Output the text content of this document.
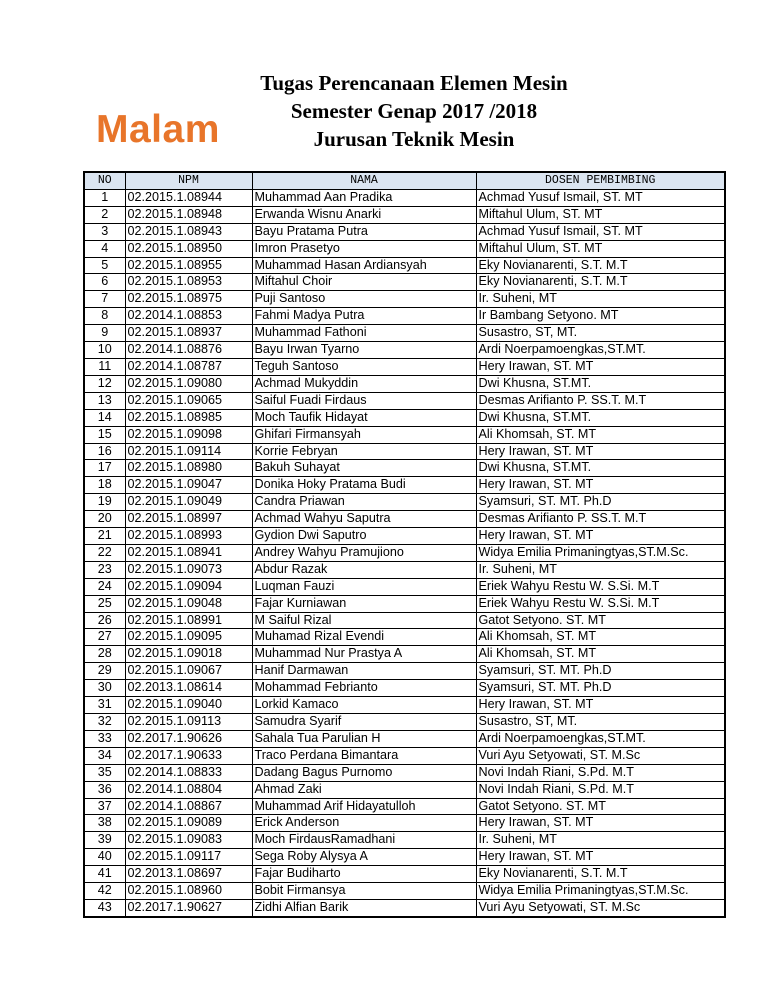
Malam
Tugas Perencanaan Elemen Mesin
Semester Genap 2017 /2018
Jurusan Teknik Mesin
NO	NPM	NAMA	DOSEN PEMBIMBING
1	02.2015.1.08944	Muhammad Aan Pradika	Achmad Yusuf Ismail, ST. MT
2	02.2015.1.08948	Erwanda Wisnu Anarki	Miftahul Ulum, ST. MT
3	02.2015.1.08943	Bayu Pratama Putra	Achmad Yusuf Ismail, ST. MT
4	02.2015.1.08950	Imron Prasetyo	Miftahul Ulum, ST. MT
5	02.2015.1.08955	Muhammad Hasan Ardiansyah	Eky Novianarenti, S.T. M.T
6	02.2015.1.08953	Miftahul Choir	Eky Novianarenti, S.T. M.T
7	02.2015.1.08975	Puji Santoso	Ir. Suheni, MT
8	02.2014.1.08853	Fahmi Madya Putra	Ir Bambang Setyono. MT
9	02.2015.1.08937	Muhammad Fathoni	Susastro, ST, MT.
10	02.2014.1.08876	Bayu Irwan Tyarno	Ardi Noerpamoengkas,ST.MT.
11	02.2014.1.08787	Teguh Santoso	Hery Irawan, ST. MT
12	02.2015.1.09080	Achmad Mukyddin	Dwi Khusna, ST.MT.
13	02.2015.1.09065	Saiful Fuadi Firdaus	Desmas Arifianto P. SS.T. M.T
14	02.2015.1.08985	Moch Taufik Hidayat	Dwi Khusna, ST.MT.
15	02.2015.1.09098	Ghifari Firmansyah	Ali Khomsah, ST. MT
16	02.2015.1.09114	Korrie Febryan	Hery Irawan, ST. MT
17	02.2015.1.08980	Bakuh Suhayat	Dwi Khusna, ST.MT.
18	02.2015.1.09047	Donika Hoky Pratama Budi	Hery Irawan, ST. MT
19	02.2015.1.09049	Candra Priawan	Syamsuri, ST. MT. Ph.D
20	02.2015.1.08997	Achmad Wahyu Saputra	Desmas Arifianto P. SS.T. M.T
21	02.2015.1.08993	Gydion Dwi Saputro	Hery Irawan, ST. MT
22	02.2015.1.08941	Andrey Wahyu Pramujiono	Widya Emilia Primaningtyas,ST.M.Sc.
23	02.2015.1.09073	Abdur Razak	Ir. Suheni, MT
24	02.2015.1.09094	Luqman Fauzi	Eriek Wahyu Restu W. S.Si. M.T
25	02.2015.1.09048	Fajar Kurniawan	Eriek Wahyu Restu W. S.Si. M.T
26	02.2015.1.08991	M Saiful Rizal	Gatot Setyono. ST. MT
27	02.2015.1.09095	Muhamad Rizal Evendi	Ali Khomsah, ST. MT
28	02.2015.1.09018	Muhammad Nur Prastya A	Ali Khomsah, ST. MT
29	02.2015.1.09067	Hanif Darmawan	Syamsuri, ST. MT. Ph.D
30	02.2013.1.08614	Mohammad Febrianto	Syamsuri, ST. MT. Ph.D
31	02.2015.1.09040	Lorkid Kamaco	Hery Irawan, ST. MT
32	02.2015.1.09113	Samudra Syarif	Susastro, ST, MT.
33	02.2017.1.90626	Sahala Tua Parulian H	Ardi Noerpamoengkas,ST.MT.
34	02.2017.1.90633	Traco Perdana Bimantara	Vuri Ayu Setyowati, ST. M.Sc
35	02.2014.1.08833	Dadang Bagus Purnomo	Novi Indah Riani, S.Pd. M.T
36	02.2014.1.08804	Ahmad Zaki	Novi Indah Riani, S.Pd. M.T
37	02.2014.1.08867	Muhammad Arif Hidayatulloh	Gatot Setyono. ST. MT
38	02.2015.1.09089	Erick Anderson	Hery Irawan, ST. MT
39	02.2015.1.09083	Moch FirdausRamadhani	Ir. Suheni, MT
40	02.2015.1.09117	Sega Roby Alysya A	Hery Irawan, ST. MT
41	02.2013.1.08697	Fajar Budiharto	Eky Novianarenti, S.T. M.T
42	02.2015.1.08960	Bobit Firmansya	Widya Emilia Primaningtyas,ST.M.Sc.
43	02.2017.1.90627	Zidhi Alfian Barik	Vuri Ayu Setyowati, ST. M.Sc
